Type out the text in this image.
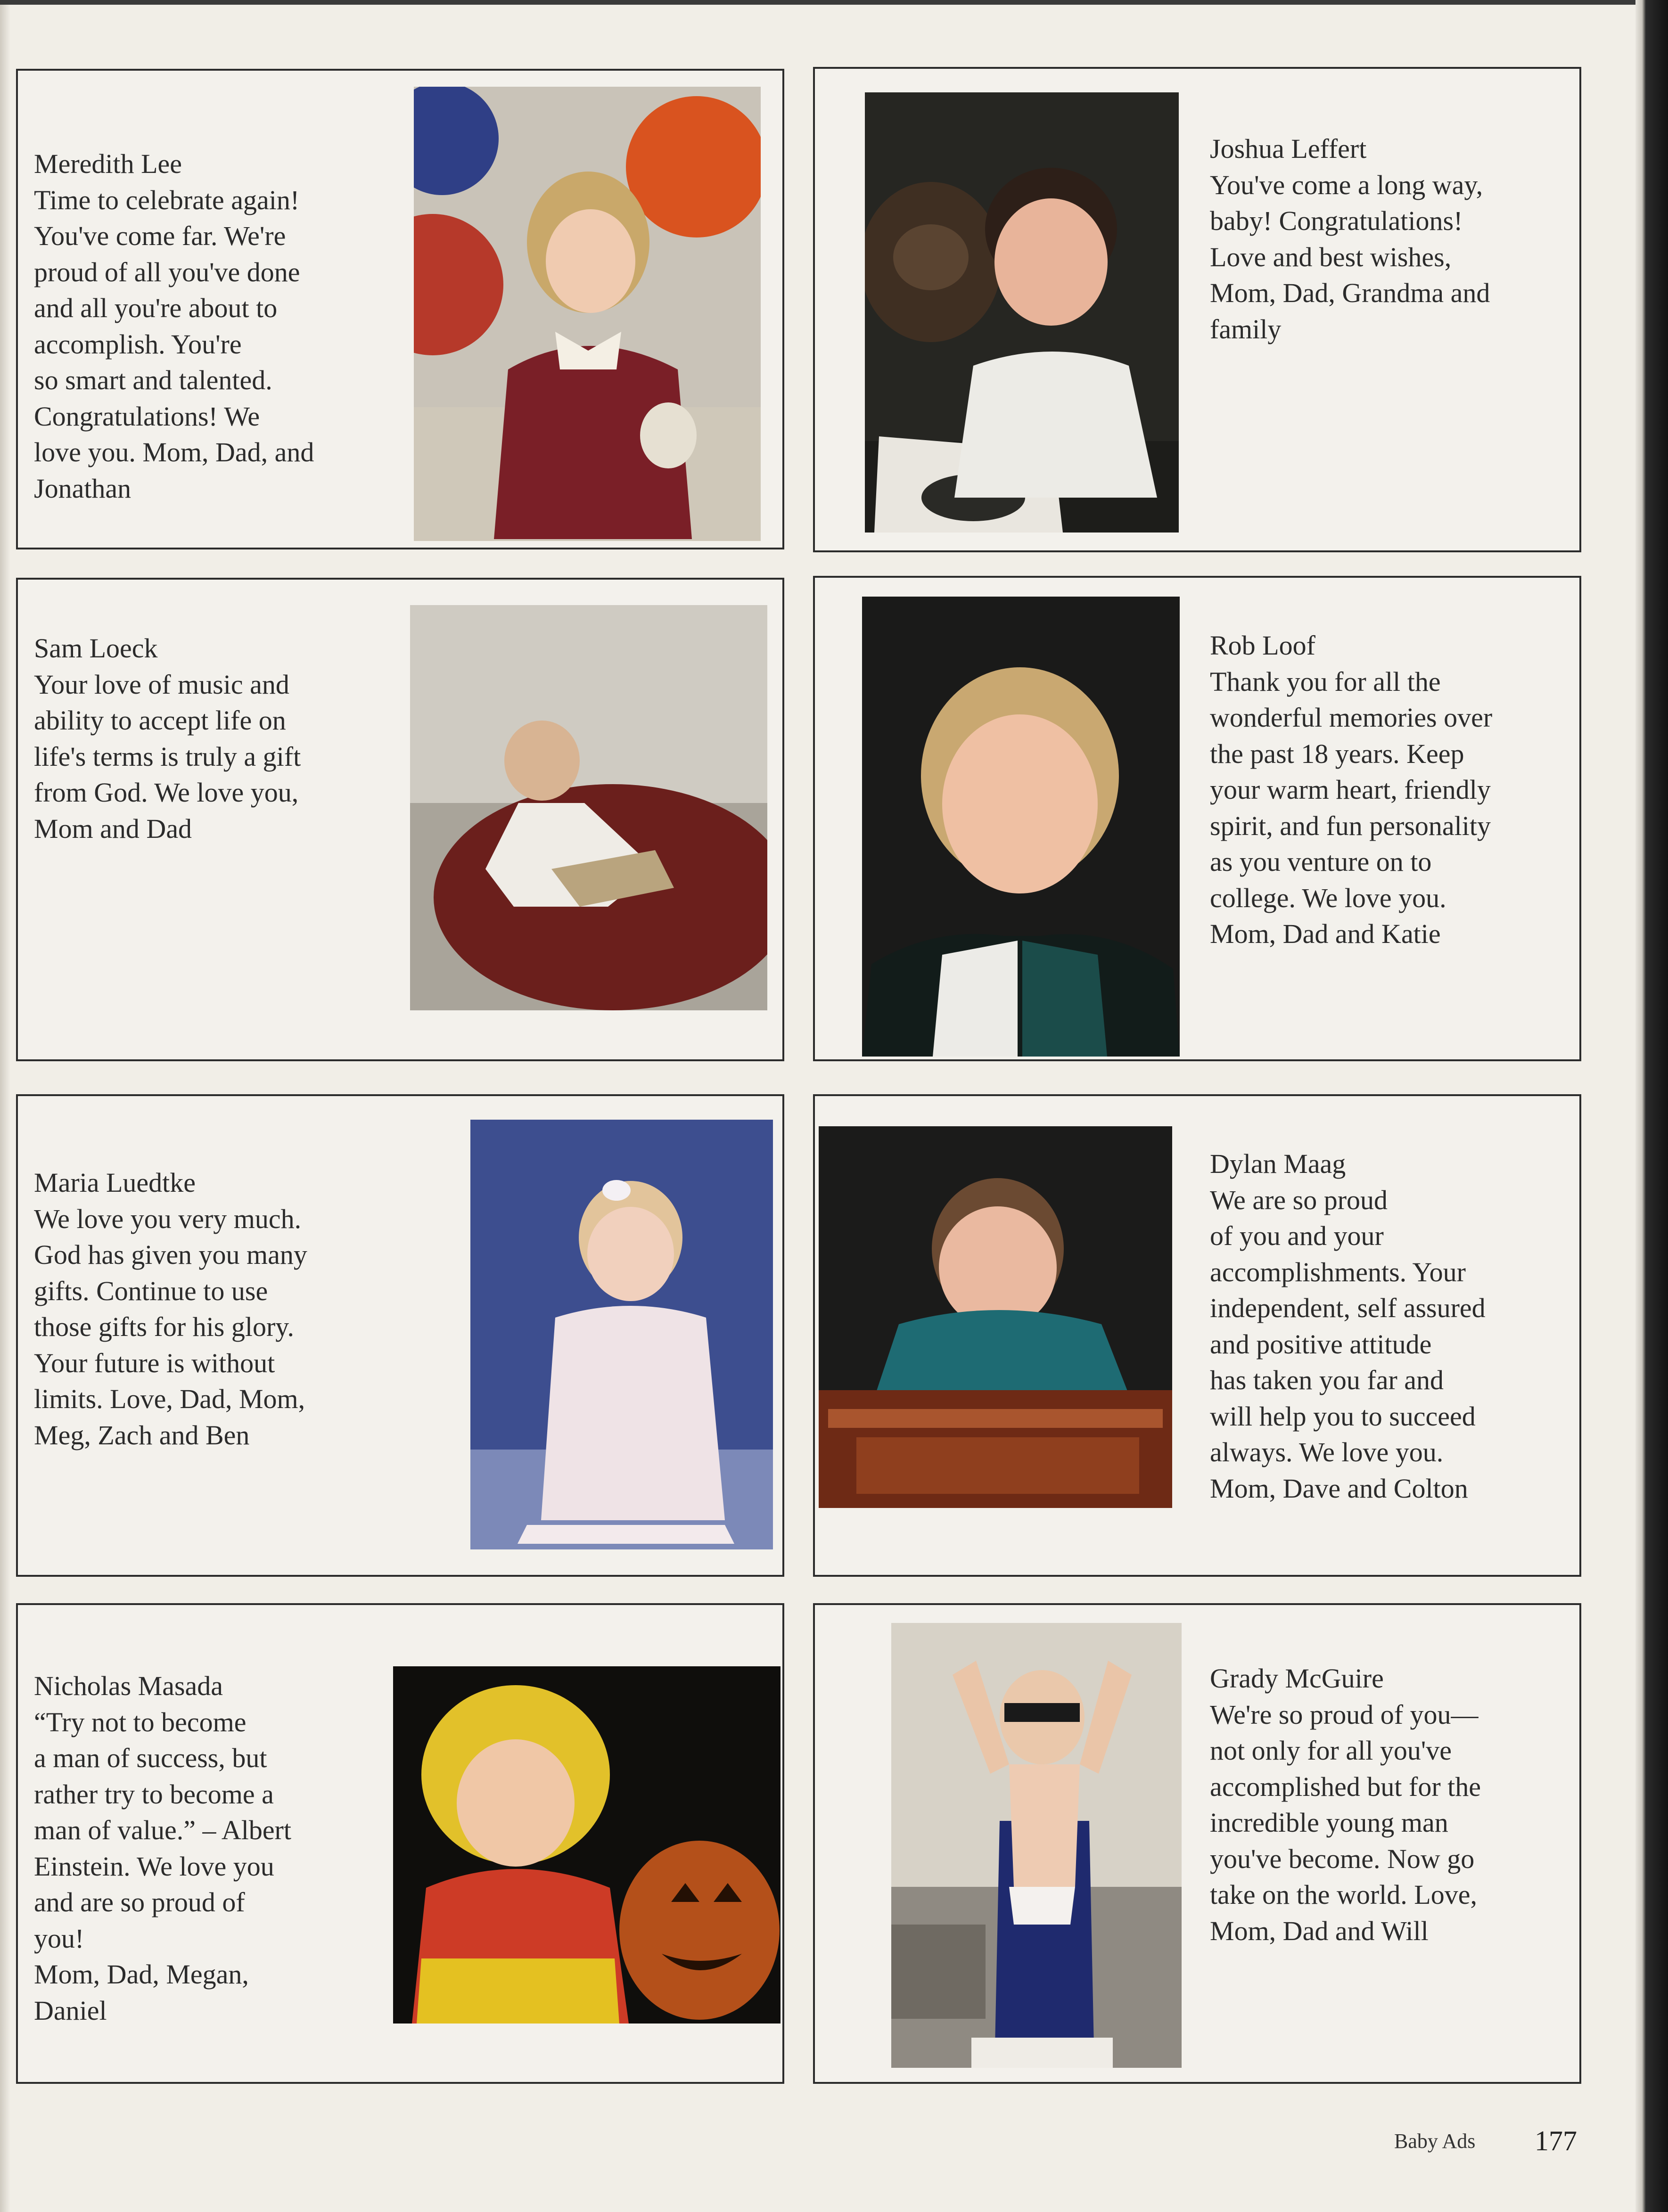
Meredith Lee
Time to celebrate again!
You've come far. We're
proud of all you've done
and all you're about to
accomplish. You're
so smart and talented.
Congratulations! We
love you. Mom, Dad, and
Jonathan
Joshua Leffert
You've come a long way,
baby! Congratulations!
Love and best wishes,
Mom, Dad, Grandma and
family
Sam Loeck
Your love of music and
ability to accept life on
life's terms is truly a gift
from God. We love you,
Mom and Dad
Rob Loof
Thank you for all the
wonderful memories over
the past 18 years. Keep
your warm heart, friendly
spirit, and fun personality
as you venture on to
college. We love you.
Mom, Dad and Katie
Maria Luedtke
We love you very much.
God has given you many
gifts. Continue to use
those gifts for his glory.
Your future is without
limits. Love, Dad, Mom,
Meg, Zach and Ben
Dylan Maag
We are so proud
of you and your
accomplishments. Your
independent, self assured
and positive attitude
has taken you far and
will help you to succeed
always. We love you.
Mom, Dave and Colton
Nicholas Masada
“Try not to become
a man of success, but
rather try to become a
man of value.” – Albert
Einstein. We love you
and are so proud of
you!
Mom, Dad, Megan,
Daniel
Grady McGuire
We're so proud of you—
not only for all you've
accomplished but for the
incredible young man
you've become. Now go
take on the world. Love,
Mom, Dad and Will
Baby Ads 177
